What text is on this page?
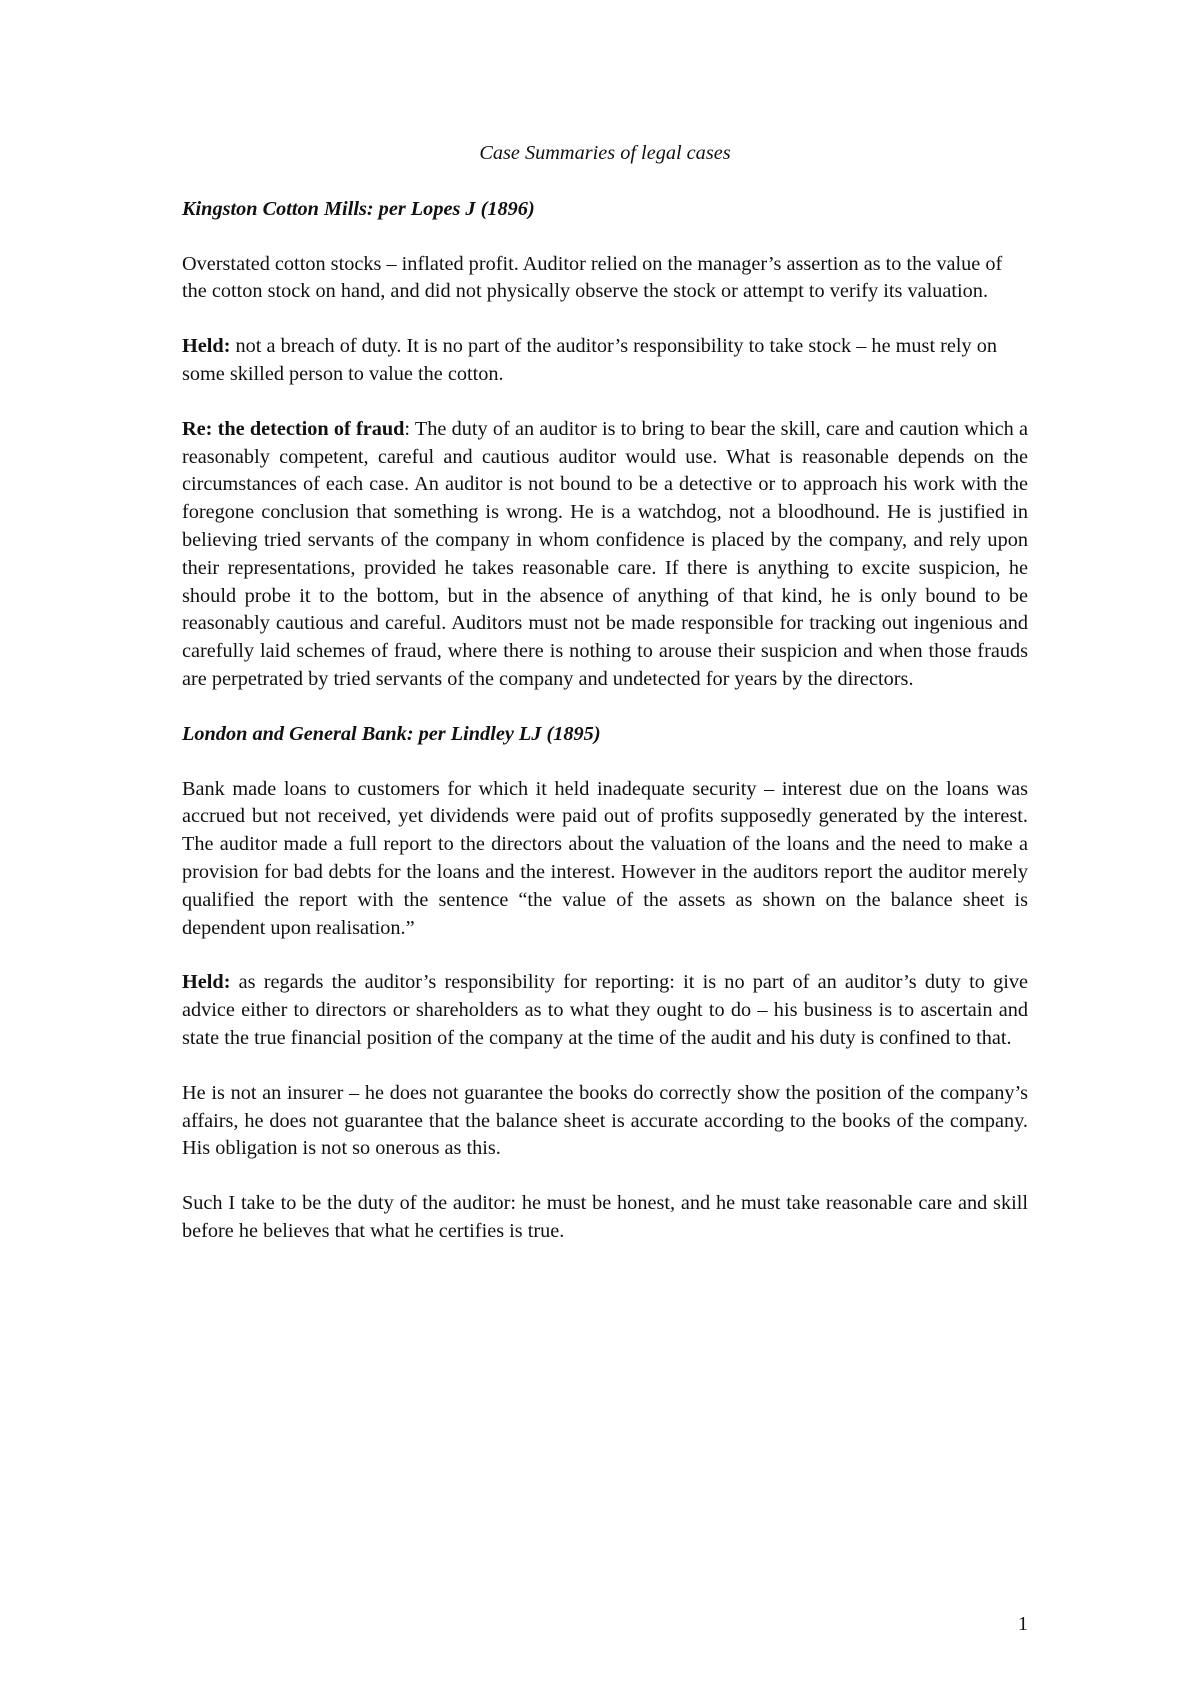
Case Summaries of legal cases

Kingston Cotton Mills: per Lopes J (1896)

Overstated cotton stocks – inflated profit. Auditor relied on the manager’s assertion as to the value of the cotton stock on hand, and did not physically observe the stock or attempt to verify its valuation.

Held: not a breach of duty. It is no part of the auditor’s responsibility to take stock – he must rely on some skilled person to value the cotton.

Re: the detection of fraud: The duty of an auditor is to bring to bear the skill, care and caution which a reasonably competent, careful and cautious auditor would use. What is reasonable depends on the circumstances of each case. An auditor is not bound to be a detective or to approach his work with the foregone conclusion that something is wrong. He is a watchdog, not a bloodhound. He is justified in believing tried servants of the company in whom confidence is placed by the company, and rely upon their representations, provided he takes reasonable care. If there is anything to excite suspicion, he should probe it to the bottom, but in the absence of anything of that kind, he is only bound to be reasonably cautious and careful. Auditors must not be made responsible for tracking out ingenious and carefully laid schemes of fraud, where there is nothing to arouse their suspicion and when those frauds are perpetrated by tried servants of the company and undetected for years by the directors.

London and General Bank: per Lindley LJ (1895)

Bank made loans to customers for which it held inadequate security – interest due on the loans was accrued but not received, yet dividends were paid out of profits supposedly generated by the interest. The auditor made a full report to the directors about the valuation of the loans and the need to make a provision for bad debts for the loans and the interest. However in the auditors report the auditor merely qualified the report with the sentence “the value of the assets as shown on the balance sheet is dependent upon realisation.”

Held: as regards the auditor’s responsibility for reporting: it is no part of an auditor’s duty to give advice either to directors or shareholders as to what they ought to do – his business is to ascertain and state the true financial position of the company at the time of the audit and his duty is confined to that.

He is not an insurer – he does not guarantee the books do correctly show the position of the company’s affairs, he does not guarantee that the balance sheet is accurate according to the books of the company. His obligation is not so onerous as this.

Such I take to be the duty of the auditor: he must be honest, and he must take reasonable care and skill before he believes that what he certifies is true.

1
